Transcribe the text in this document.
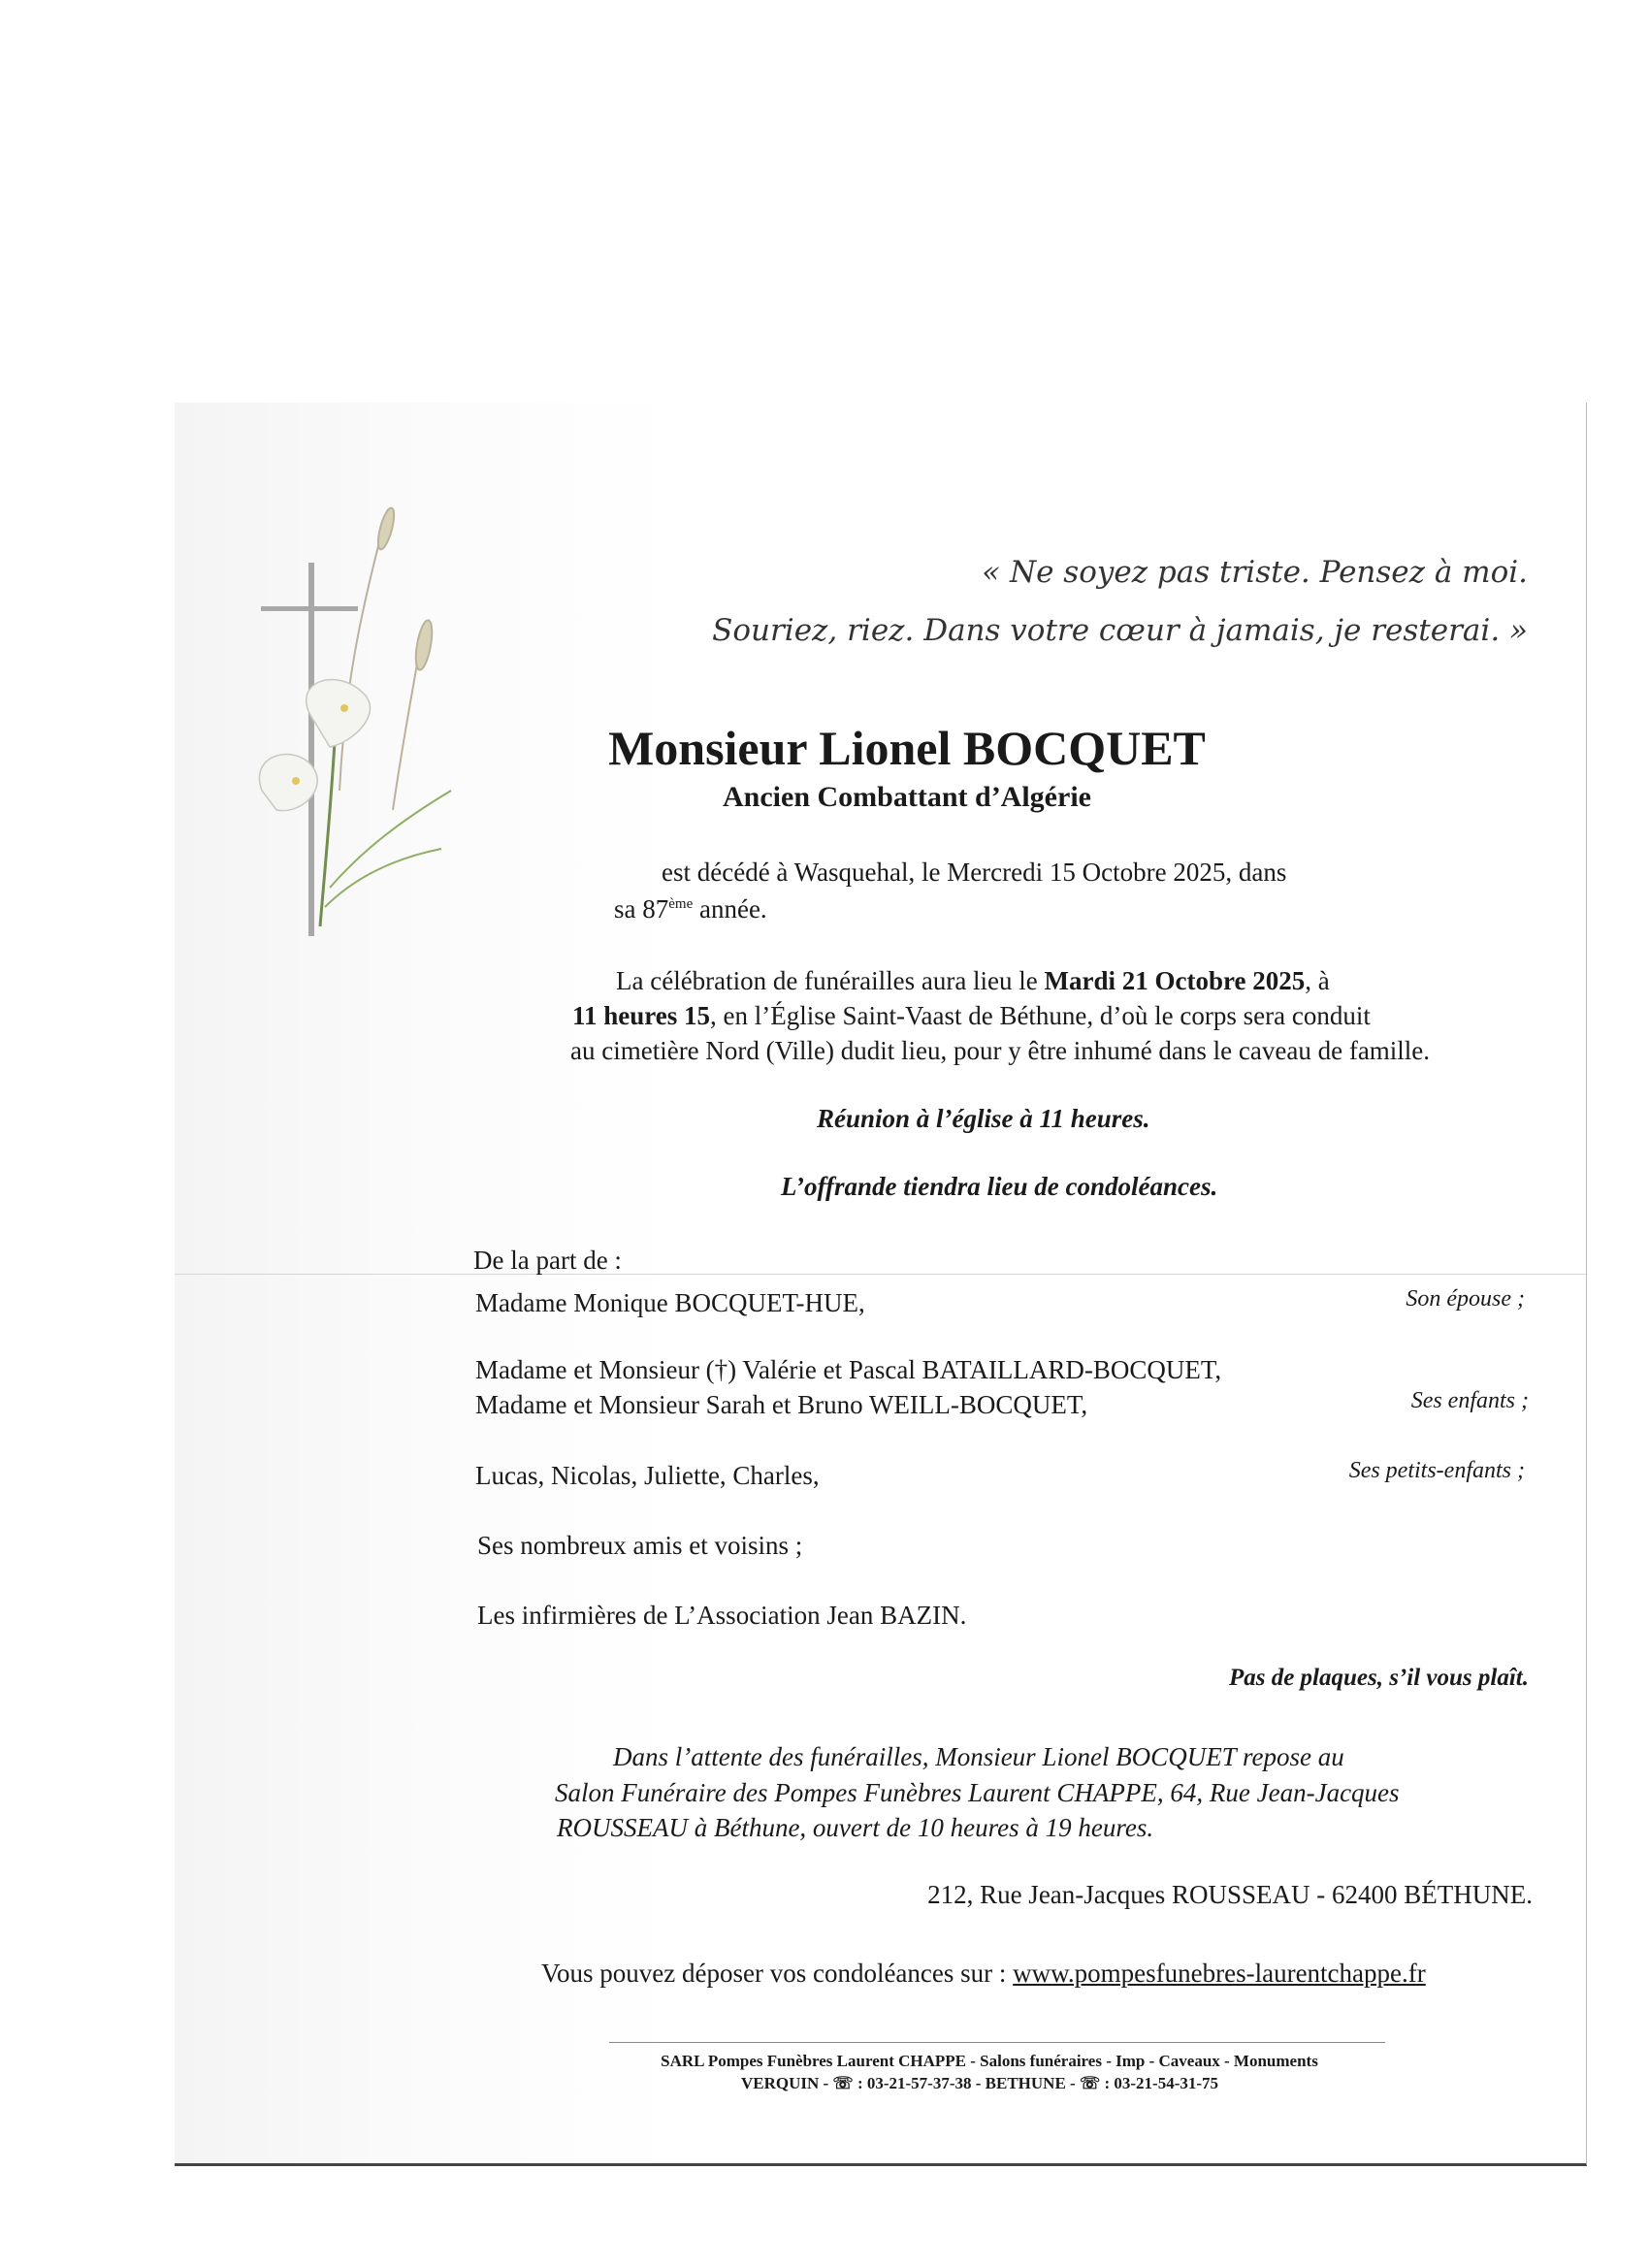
« Ne soyez pas triste. Pensez à moi.
Souriez, riez. Dans votre cœur à jamais, je resterai. »
Monsieur Lionel BOCQUET
Ancien Combattant d’Algérie
est décédé à Wasquehal, le Mercredi 15 Octobre 2025, dans
sa 87ème année.
La célébration de funérailles aura lieu le Mardi 21 Octobre 2025, à
11 heures 15, en l’Église Saint-Vaast de Béthune, d’où le corps sera conduit
au cimetière Nord (Ville) dudit lieu, pour y être inhumé dans le caveau de famille.
Réunion à l’église à 11 heures.
L’offrande tiendra lieu de condoléances.
De la part de :
Madame Monique BOCQUET-HUE,	Son épouse ;
Madame et Monsieur (†) Valérie et Pascal BATAILLARD-BOCQUET,
Madame et Monsieur Sarah et Bruno WEILL-BOCQUET,	Ses enfants ;
Lucas, Nicolas, Juliette, Charles,	Ses petits-enfants ;
Ses nombreux amis et voisins ;
Les infirmières de L’Association Jean BAZIN.
Pas de plaques, s’il vous plaît.
Dans l’attente des funérailles, Monsieur Lionel BOCQUET repose au
Salon Funéraire des Pompes Funèbres Laurent CHAPPE, 64, Rue Jean-Jacques
ROUSSEAU à Béthune, ouvert de 10 heures à 19 heures.
212, Rue Jean-Jacques ROUSSEAU - 62400 BÉTHUNE.
Vous pouvez déposer vos condoléances sur : www.pompesfunebres-laurentchappe.fr
SARL Pompes Funèbres Laurent CHAPPE - Salons funéraires - Imp - Caveaux - Monuments
VERQUIN - ☏ : 03-21-57-37-38 - BETHUNE - ☏ : 03-21-54-31-75
